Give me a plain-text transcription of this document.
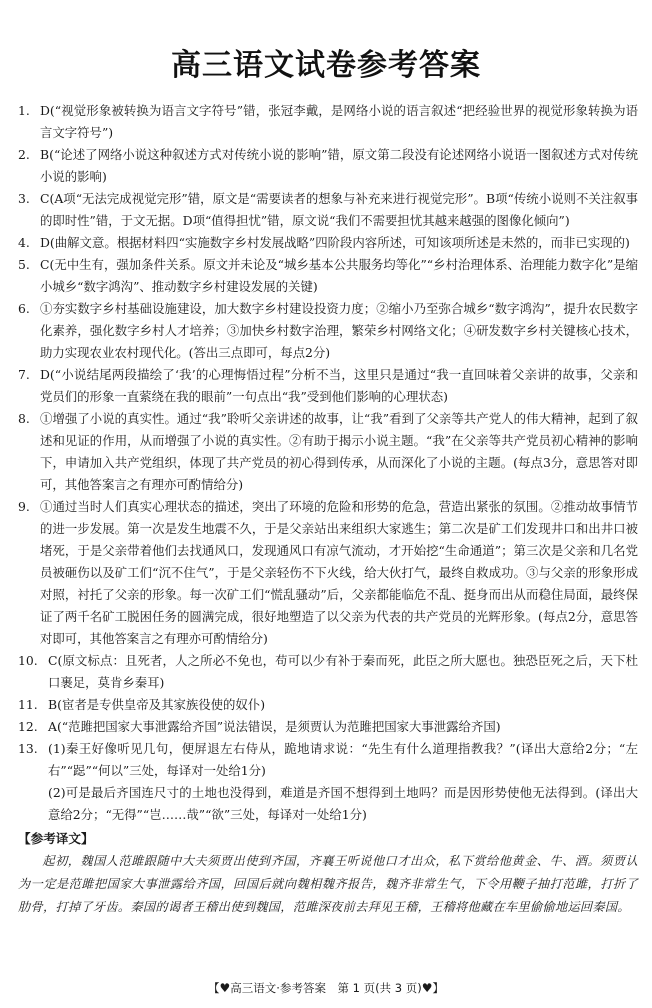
高三语文试卷参考答案
1. D(“视觉形象被转换为语言文字符号”错，张冠李戴，是网络小说的语言叙述“把经验世界的视觉形象转换为语言文字符号”)
2. B(“论述了网络小说这种叙述方式对传统小说的影响”错，原文第二段没有论述网络小说语一图叙述方式对传统小说的影响)
3. C(A项“无法完成视觉完形”错，原文是“需要读者的想象与补充来进行视觉完形”。B项“传统小说则不关注叙事的即时性”错，于文无据。D项“值得担忧”错，原文说“我们不需要担忧其越来越强的图像化倾向”)
4. D(曲解文意。根据材料四“实施数字乡村发展战略”四阶段内容所述，可知该项所述是未然的，而非已实现的)
5. C(无中生有，强加条件关系。原文并未论及“城乡基本公共服务均等化”“乡村治理体系、治理能力数字化”是缩小城乡“数字鸿沟”、推动数字乡村建设发展的关键)
6. ①夯实数字乡村基础设施建设，加大数字乡村建设投资力度；②缩小乃至弥合城乡“数字鸿沟”，提升农民数字化素养，强化数字乡村人才培养；③加快乡村数字治理，繁荣乡村网络文化；④研发数字乡村关键核心技术，助力实现农业农村现代化。(答出三点即可，每点2分)
7. D(“小说结尾两段描绘了‘我’的心理悔悟过程”分析不当，这里只是通过“我一直回味着父亲讲的故事，父亲和党员们的形象一直萦绕在我的眼前”一句点出“我”受到他们影响的心理状态)
8. ①增强了小说的真实性。通过“我”聆听父亲讲述的故事，让“我”看到了父亲等共产党人的伟大精神，起到了叙述和见证的作用，从而增强了小说的真实性。②有助于揭示小说主题。“我”在父亲等共产党员初心精神的影响下，申请加入共产党组织，体现了共产党员的初心得到传承，从而深化了小说的主题。(每点3分，意思答对即可，其他答案言之有理亦可酌情给分)
9. ①通过当时人们真实心理状态的描述，突出了环境的危险和形势的危急，营造出紧张的氛围。②推动故事情节的进一步发展。第一次是发生地震不久，于是父亲站出来组织大家逃生；第二次是矿工们发现井口和出井口被堵死，于是父亲带着他们去找通风口，发现通风口有凉气流动，才开始挖“生命通道”；第三次是父亲和几名党员被砸伤以及矿工们“沉不住气”，于是父亲轻伤不下火线，给大伙打气，最终自救成功。③与父亲的形象形成对照，衬托了父亲的形象。每一次矿工们“慌乱骚动”后，父亲都能临危不乱、挺身而出从而稳住局面，最终保证了两千名矿工脱困任务的圆满完成，很好地塑造了以父亲为代表的共产党员的光辉形象。(每点2分，意思答对即可，其他答案言之有理亦可酌情给分)
10. C(原文标点：且死者，人之所必不免也，苟可以少有补于秦而死，此臣之所大愿也。独恐臣死之后，天下杜口裹足，莫肯乡秦耳)
11. B(宦者是专供皇帝及其家族役使的奴仆)
12. A(“范雎把国家大事泄露给齐国”说法错误，是须贾认为范雎把国家大事泄露给齐国)
13. (1)秦王好像听见几句，便屏退左右侍从，跪地请求说：“先生有什么道理指教我？”(译出大意给2分；“左右”“跽”“何以”三处，每译对一处给1分)
(2)可是最后齐国连尺寸的土地也没得到，难道是齐国不想得到土地吗？而是因形势使他无法得到。(译出大意给2分；“无得”“岂……哉”“欲”三处，每译对一处给1分)
【参考译文】
起初，魏国人范雎跟随中大夫须贾出使到齐国，齐襄王听说他口才出众，私下赏给他黄金、牛、酒。须贾认为一定是范雎把国家大事泄露给齐国，回国后就向魏相魏齐报告，魏齐非常生气，下令用鞭子抽打范雎，打折了肋骨，打掉了牙齿。秦国的谒者王稽出使到魏国，范雎深夜前去拜见王稽，王稽将他藏在车里偷偷地运回秦国。
【♥高三语文·参考答案　第 1 页(共 3 页)♥】
